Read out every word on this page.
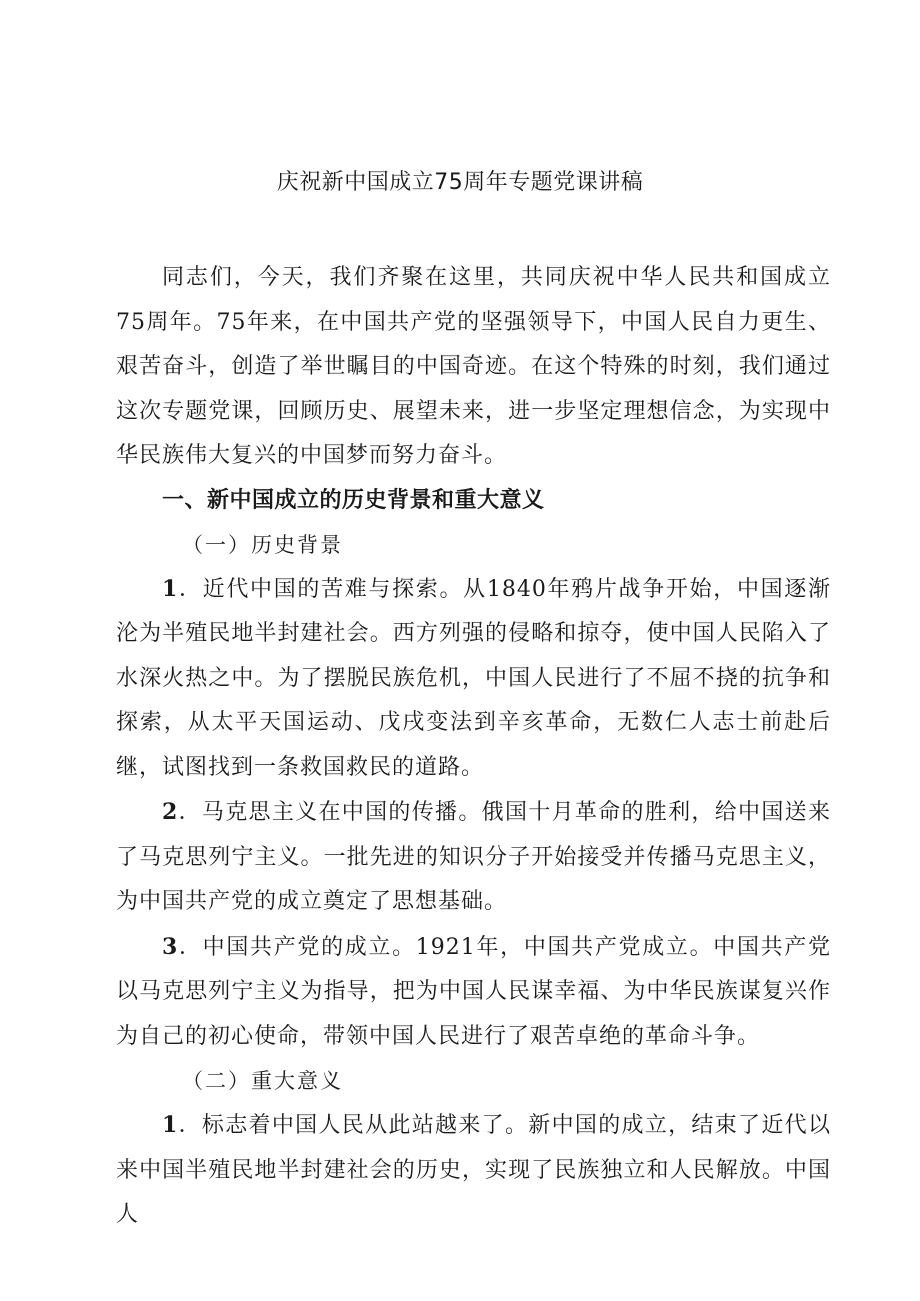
庆祝新中国成立75周年专题党课讲稿

同志们，今天，我们齐聚在这里，共同庆祝中华人民共和国成立75周年。75年来，在中国共产党的坚强领导下，中国人民自力更生、艰苦奋斗，创造了举世瞩目的中国奇迹。在这个特殊的时刻，我们通过这次专题党课，回顾历史、展望未来，进一步坚定理想信念，为实现中华民族伟大复兴的中国梦而努力奋斗。

一、新中国成立的历史背景和重大意义
（一）历史背景

1．近代中国的苦难与探索。从1840年鸦片战争开始，中国逐渐沦为半殖民地半封建社会。西方列强的侵略和掠夺，使中国人民陷入了水深火热之中。为了摆脱民族危机，中国人民进行了不屈不挠的抗争和探索，从太平天国运动、戊戌变法到辛亥革命，无数仁人志士前赴后继，试图找到一条救国救民的道路。

2．马克思主义在中国的传播。俄国十月革命的胜利，给中国送来了马克思列宁主义。一批先进的知识分子开始接受并传播马克思主义，为中国共产党的成立奠定了思想基础。

3．中国共产党的成立。1921年，中国共产党成立。中国共产党以马克思列宁主义为指导，把为中国人民谋幸福、为中华民族谋复兴作为自己的初心使命，带领中国人民进行了艰苦卓绝的革命斗争。

（二）重大意义

1．标志着中国人民从此站越来了。新中国的成立，结束了近代以来中国半殖民地半封建社会的历史，实现了民族独立和人民解放。中国人
